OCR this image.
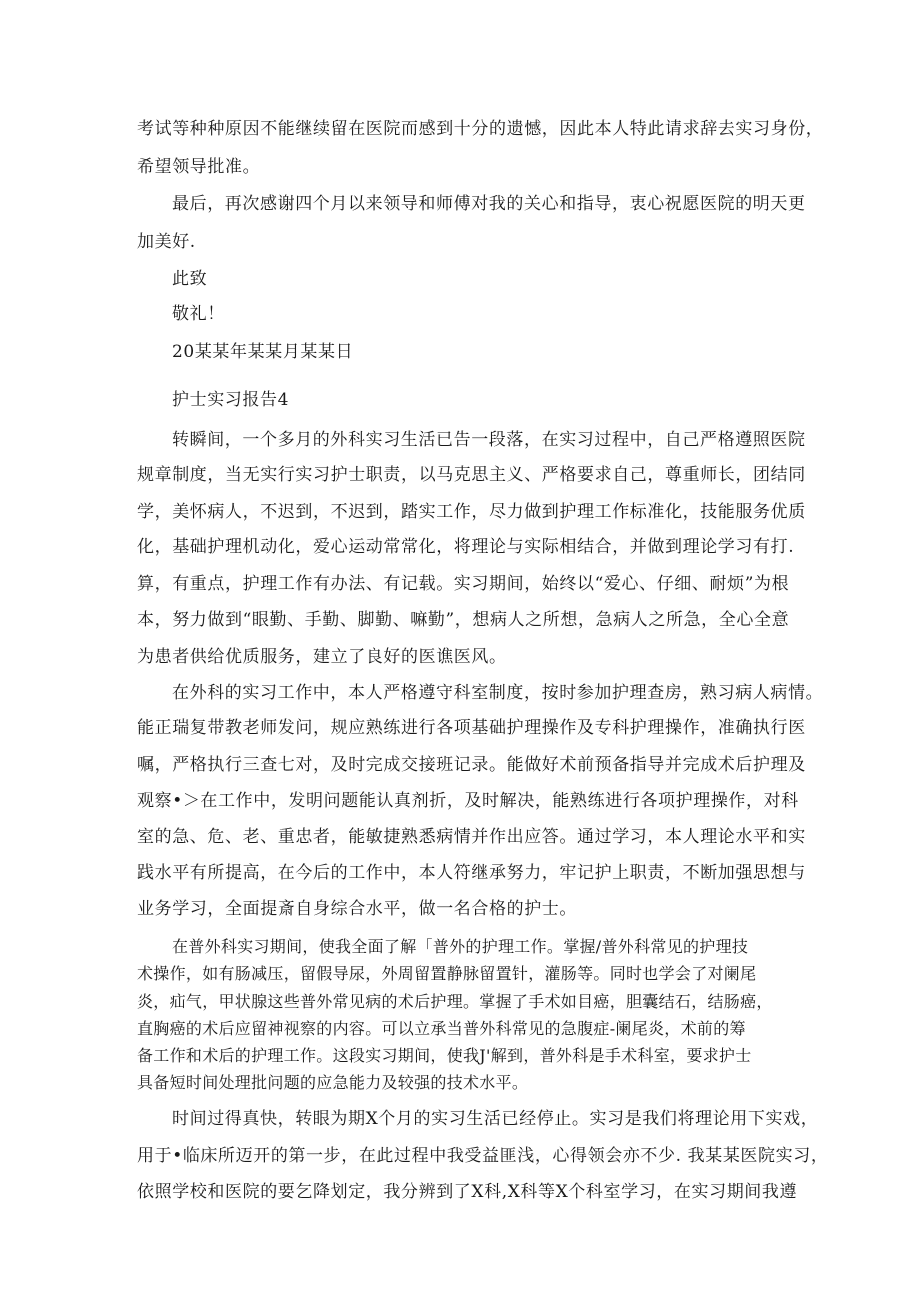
考试等种种原因不能继续留在医院而感到十分的遗憾，因此本人特此请求辞去实习身份，
希望领导批准。
最后，再次感谢四个月以来领导和师傅对我的关心和指导，衷心祝愿医院的明天更
加美好.
此致
敬礼！
20某某年某某月某某日
护士实习报告4
转瞬间，一个多月的外科实习生活已告一段落，在实习过程中，自己严格遵照医院
规章制度，当无实行实习护士职责，以马克思主义、严格要求自己，尊重师长，团结同
学，美怀病人，不迟到，不迟到，踏实工作，尽力做到护理工作标准化，技能服务优质
化，基础护理机动化，爱心运动常常化，将理论与实际相结合，并做到理论学习有打.
算，有重点，护理工作有办法、有记载。实习期间，始终以“爱心、仔细、耐烦”为根
本，努力做到“眼勤、手勤、脚勤、嘛勤”，想病人之所想，急病人之所急，全心全意
为患者供给优质服务，建立了良好的医谯医风。
在外科的实习工作中，本人严格遵守科室制度，按时参加护理查房，熟习病人病情。
能正瑞复带教老师发问，规应熟练进行各项基础护理操作及专科护理操作，准确执行医
嘱，严格执行三查七对，及时完成交接班记录。能做好术前预备指导并完成术后护理及
观察•＞在工作中，发明问题能认真剂折，及时解决，能熟练进行各项护理操作，对科
室的急、危、老、重忠者，能敏捷熟悉病情并作出应答。通过学习，本人理论水平和实
践水平有所提高，在今后的工作中，本人符继承努力，牢记护上职责，不断加强思想与
业务学习，全面提斎自身综合水平，做一名合格的护士。
在普外科实习期间，使我全面了解「普外的护理工作。掌握/普外科常见的护理技
术操作，如有肠减压，留假导尿，外周留置静脉留置针，灌肠等。同时也学会了对阑尾
炎，疝气，甲状腺这些普外常见病的术后护理。掌握了手术如目癌，胆囊结石，结肠癌，
直胸癌的术后应留神视察的内容。可以立承当普外科常见的急腹症-阑尾炎，术前的筹
备工作和术后的护理工作。这段实习期间，使我J'解到，普外科是手术科室，要求护士
具备短时间处理批问题的应急能力及较强的技术水平。
时间过得真快，转眼为期X个月的实习生活已经停止。实习是我们将理论用下实戏，
用于•临床所迈开的第一步，在此过程中我受益匪浅，心得领会亦不少. 我某某医院实习，
依照学校和医院的要乞降划定，我分辨到了X科,X科等X个科室学习，在实习期间我遵
